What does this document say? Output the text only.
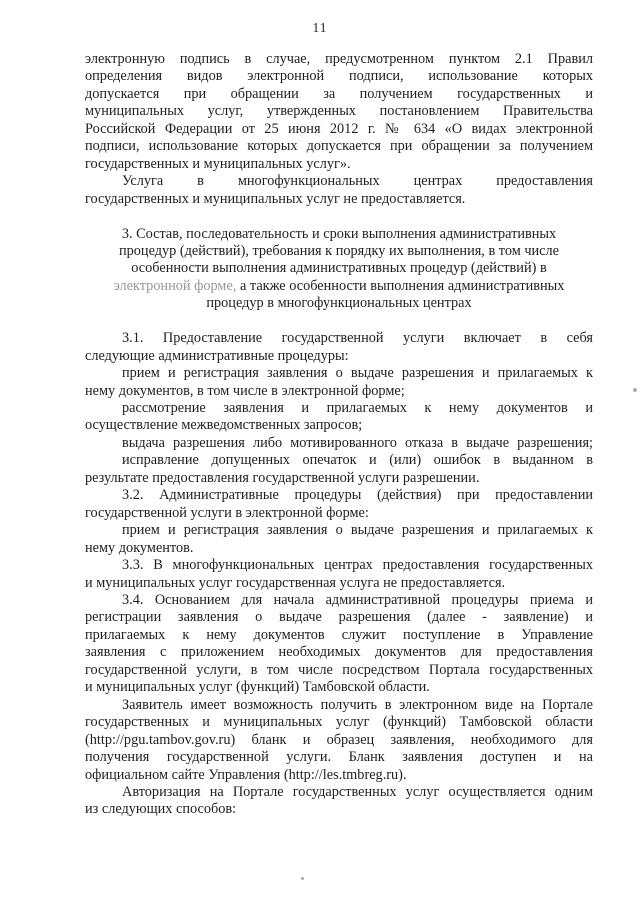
11
электронную подпись в случае, предусмотренном пунктом 2.1 Правил
определения видов электронной подписи, использование которых
допускается при обращении за получением государственных и
муниципальных услуг, утвержденных постановлением Правительства
Российской Федерации от 25 июня 2012 г. № 634 «О видах электронной
подписи, использование которых допускается при обращении за получением
государственных и муниципальных услуг».
Услуга в многофункциональных центрах предоставления
государственных и муниципальных услуг не предоставляется.
3. Состав, последовательность и сроки выполнения административных
процедур (действий), требования к порядку их выполнения, в том числе
особенности выполнения административных процедур (действий) в
электронной форме, а также особенности выполнения административных
процедур в многофункциональных центрах
3.1. Предоставление государственной услуги включает в себя
следующие административные процедуры:
прием и регистрация заявления о выдаче разрешения и прилагаемых к
нему документов, в том числе в электронной форме;
рассмотрение заявления и прилагаемых к нему документов и
осуществление межведомственных запросов;
выдача разрешения либо мотивированного отказа в выдаче разрешения;
исправление допущенных опечаток и (или) ошибок в выданном в
результате предоставления государственной услуги разрешении.
3.2. Административные процедуры (действия) при предоставлении
государственной услуги в электронной форме:
прием и регистрация заявления о выдаче разрешения и прилагаемых к
нему документов.
3.3. В многофункциональных центрах предоставления государственных
и муниципальных услуг государственная услуга не предоставляется.
3.4. Основанием для начала административной процедуры приема и
регистрации заявления о выдаче разрешения (далее - заявление) и
прилагаемых к нему документов служит поступление в Управление
заявления с приложением необходимых документов для предоставления
государственной услуги, в том числе посредством Портала государственных
и муниципальных услуг (функций) Тамбовской области.
Заявитель имеет возможность получить в электронном виде на Портале
государственных и муниципальных услуг (функций) Тамбовской области
(http://pgu.tambov.gov.ru) бланк и образец заявления, необходимого для
получения государственной услуги. Бланк заявления доступен и на
официальном сайте Управления (http://les.tmbreg.ru).
Авторизация на Портале государственных услуг осуществляется одним
из следующих способов:
